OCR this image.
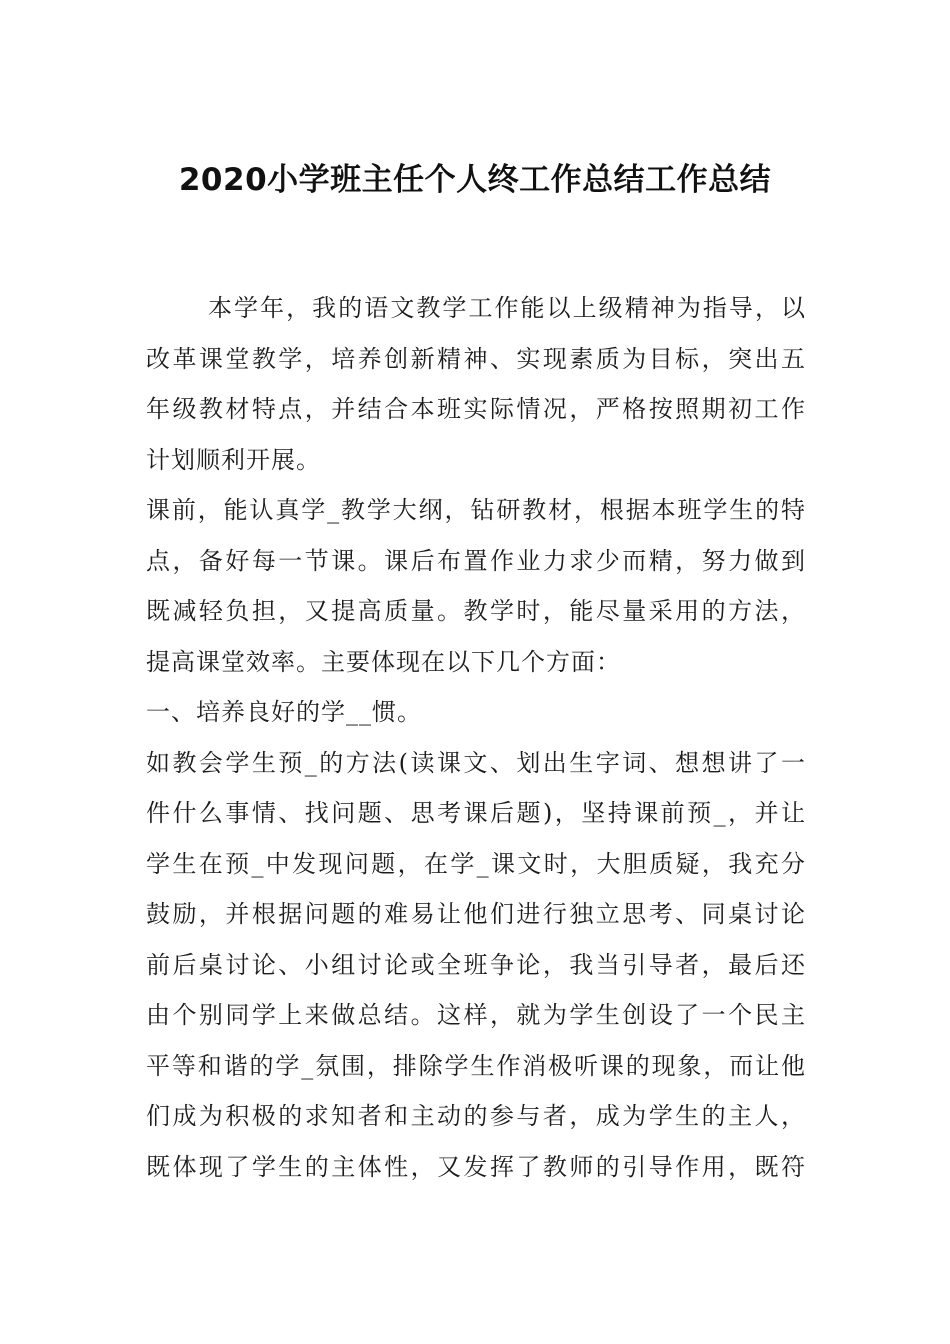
2020小学班主任个人终工作总结工作总结
本学年，我的语文教学工作能以上级精神为指导，以
改革课堂教学，培养创新精神、实现素质为目标，突出五
年级教材特点，并结合本班实际情况，严格按照期初工作
计划顺利开展。
课前，能认真学_教学大纲，钻研教材，根据本班学生的特
点，备好每一节课。课后布置作业力求少而精，努力做到
既减轻负担，又提高质量。教学时，能尽量采用的方法，
提高课堂效率。主要体现在以下几个方面：
一、培养良好的学__惯。
如教会学生预_的方法(读课文、划出生字词、想想讲了一
件什么事情、找问题、思考课后题)，坚持课前预_，并让
学生在预_中发现问题，在学_课文时，大胆质疑，我充分
鼓励，并根据问题的难易让他们进行独立思考、同桌讨论
前后桌讨论、小组讨论或全班争论，我当引导者，最后还
由个别同学上来做总结。这样，就为学生创设了一个民主
平等和谐的学_氛围，排除学生作消极听课的现象，而让他
们成为积极的求知者和主动的参与者，成为学生的主人，
既体现了学生的主体性，又发挥了教师的引导作用，既符
